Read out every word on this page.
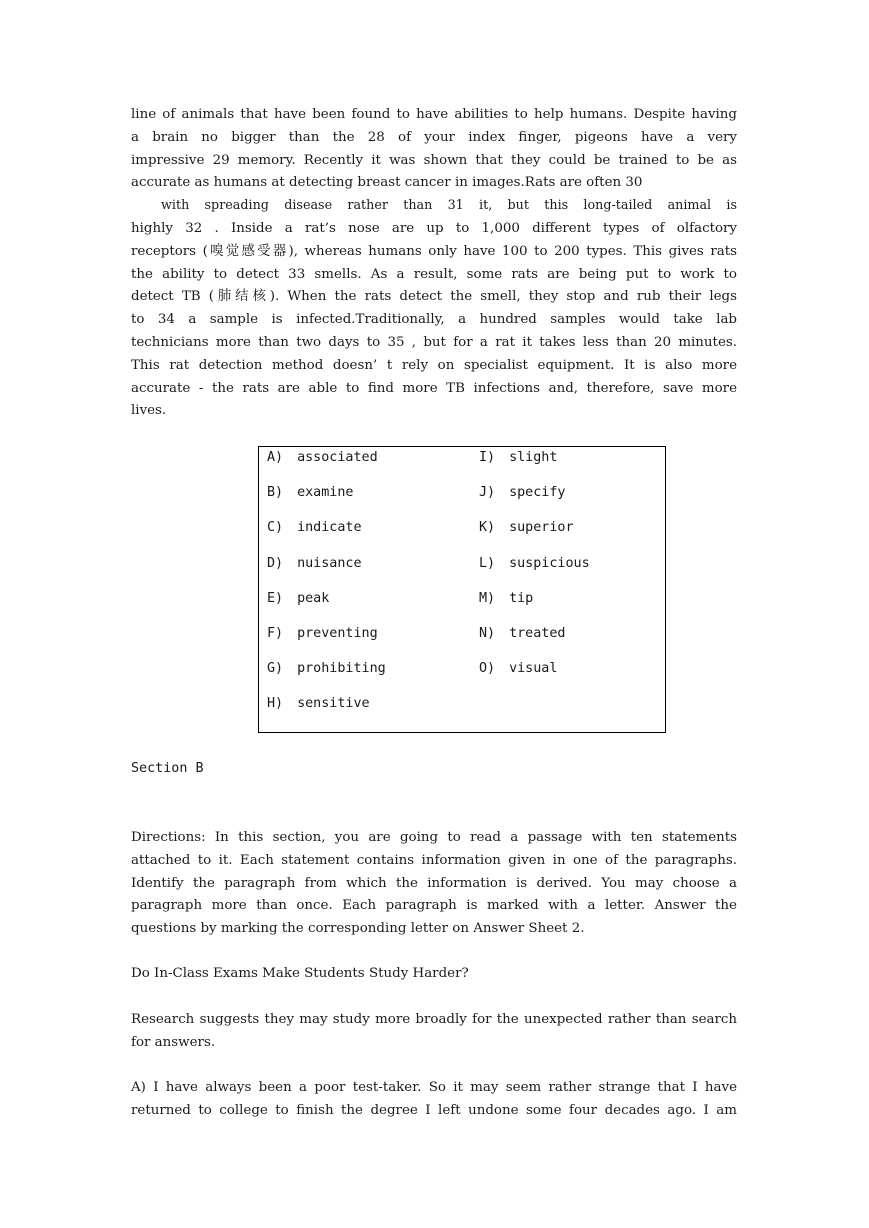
line of animals that have been found to have abilities to help humans. Despite having
a brain no bigger than the 28 of your index finger, pigeons have a very
impressive 29 memory. Recently it was shown that they could be trained to be as
accurate as humans at detecting breast cancer in images.Rats are often 30
with spreading disease rather than 31 it, but this long-tailed animal is
highly 32 . Inside a rat’s nose are up to 1,000 different types of olfactory
receptors (嗅觉感受器), whereas humans only have 100 to 200 types. This gives rats
the ability to detect 33 smells. As a result, some rats are being put to work to
detect TB (肺结核). When the rats detect the smell, they stop and rub their legs
to 34 a sample is infected.Traditionally, a hundred samples would take lab
technicians more than two days to 35 , but for a rat it takes less than 20 minutes.
This rat detection method doesn’ t rely on specialist equipment. It is also more
accurate - the rats are able to find more TB infections and, therefore, save more
lives.
A) associated
B) examine
C) indicate
D) nuisance
E) peak
F) preventing
G) prohibiting
H) sensitive
I) slight
J) specify
K) superior
L) suspicious
M) tip
N) treated
O) visual
Section B
Directions: In this section, you are going to read a passage with ten statements
attached to it. Each statement contains information given in one of the paragraphs.
Identify the paragraph from which the information is derived. You may choose a
paragraph more than once. Each paragraph is marked with a letter. Answer the
questions by marking the corresponding letter on Answer Sheet 2.
Do In-Class Exams Make Students Study Harder?
Research suggests they may study more broadly for the unexpected rather than search
for answers.
A) I have always been a poor test-taker. So it may seem rather strange that I have
returned to college to finish the degree I left undone some four decades ago. I am
